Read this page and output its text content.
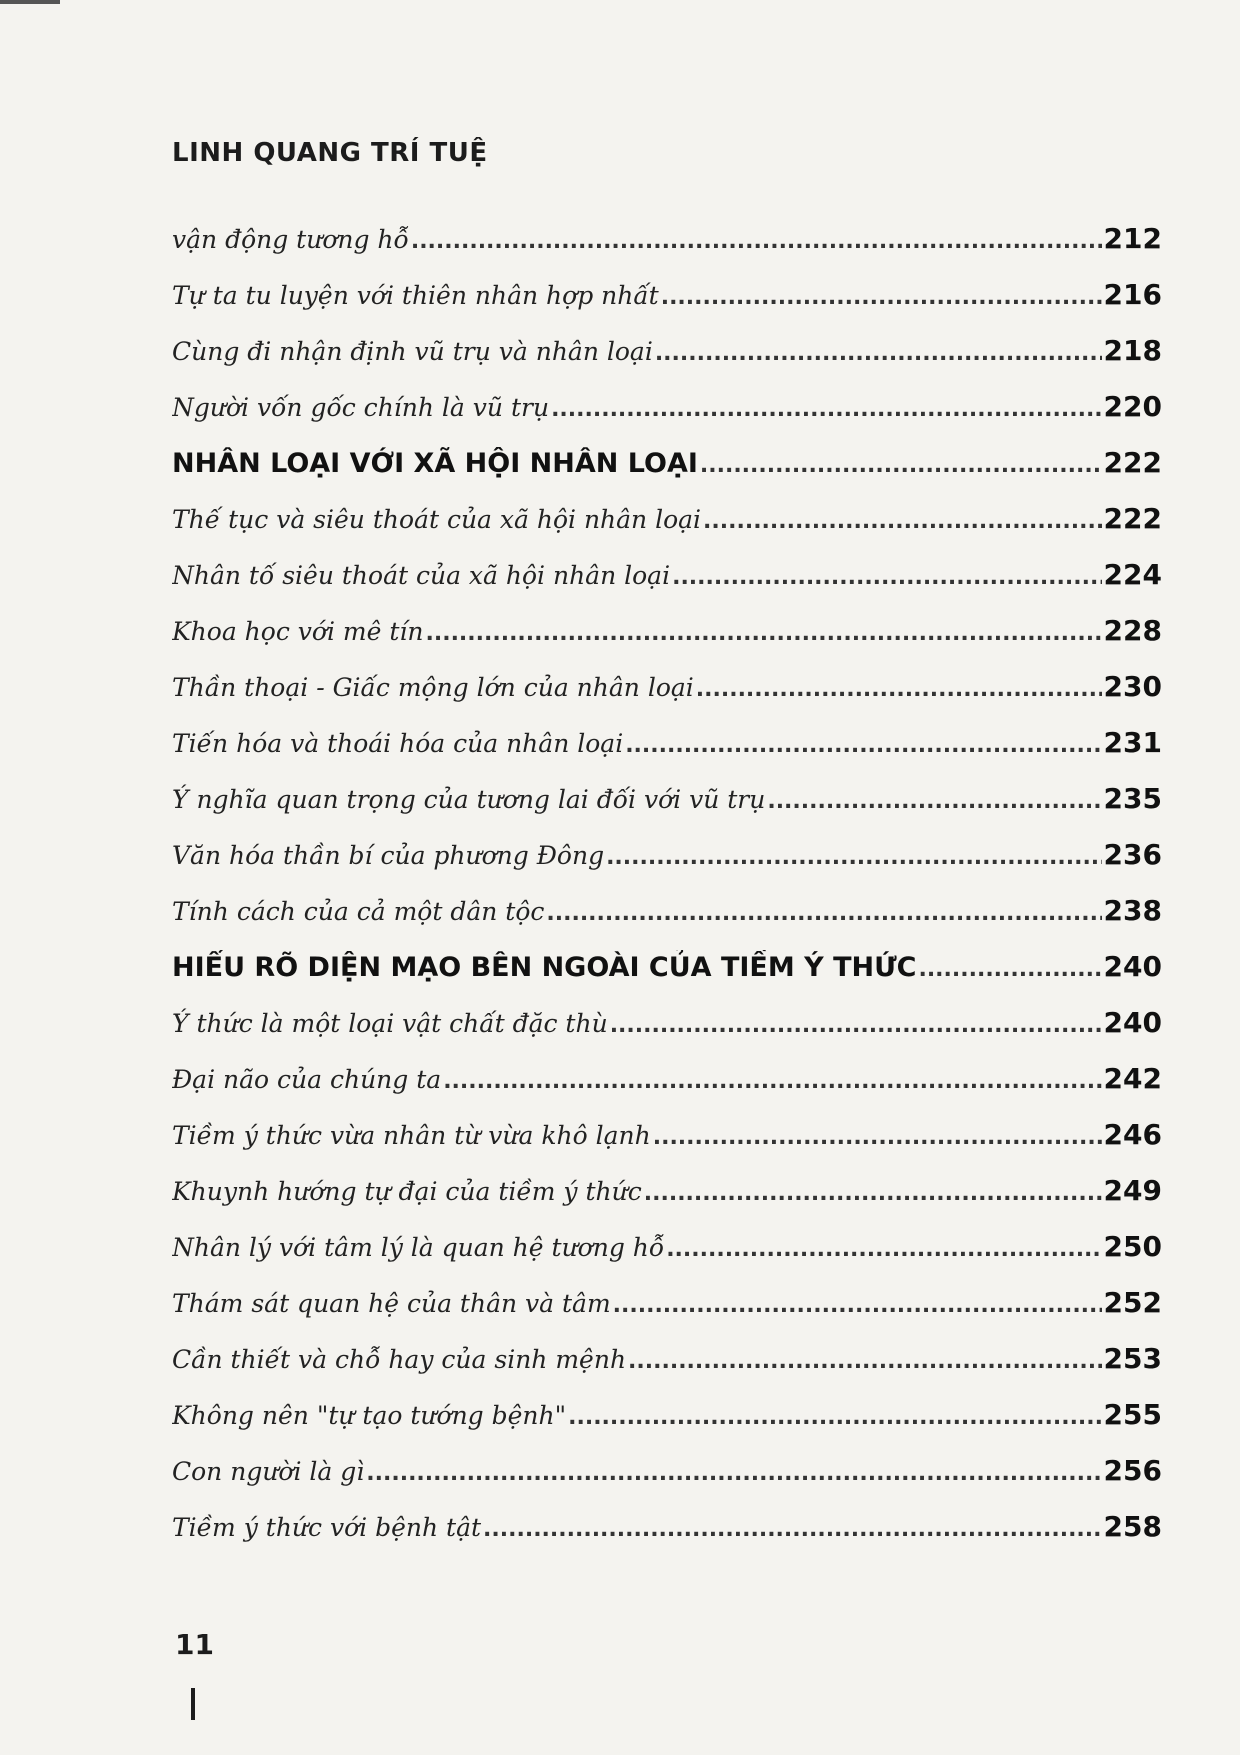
LINH QUANG TRÍ TUỆ
vận động tương hỗ .....	212
Tự ta tu luyện với thiên nhân hợp nhất .....	216
Cùng đi nhận định vũ trụ và nhân loại .....	218
Người vốn gốc chính là vũ trụ .....	220
NHÂN LOẠI VỚI XÃ HỘI NHÂN LOẠI .....	222
Thế tục và siêu thoát của xã hội nhân loại .....	222
Nhân tố siêu thoát của xã hội nhân loại .....	224
Khoa học với mê tín .....	228
Thần thoại - Giấc mộng lớn của nhân loại .....	230
Tiến hóa và thoái hóa của nhân loại .....	231
Ý nghĩa quan trọng của tương lai đối với vũ trụ .....	235
Văn hóa thần bí của phương Đông .....	236
Tính cách của cả một dân tộc .....	238
HIỂU RÕ DIỆN MẠO BÊN NGOÀI CỦA TIỀM Ý THỨC .....	240
Ý thức là một loại vật chất đặc thù .....	240
Đại não của chúng ta .....	242
Tiềm ý thức vừa nhân từ vừa khô lạnh .....	246
Khuynh hướng tự đại của tiềm ý thức .....	249
Nhân lý với tâm lý là quan hệ tương hỗ .....	250
Thám sát quan hệ của thân và tâm .....	252
Cần thiết và chỗ hay của sinh mệnh .....	253
Không nên "tự tạo tướng bệnh" .....	255
Con người là gì .....	256
Tiềm ý thức với bệnh tật .....	258
11
